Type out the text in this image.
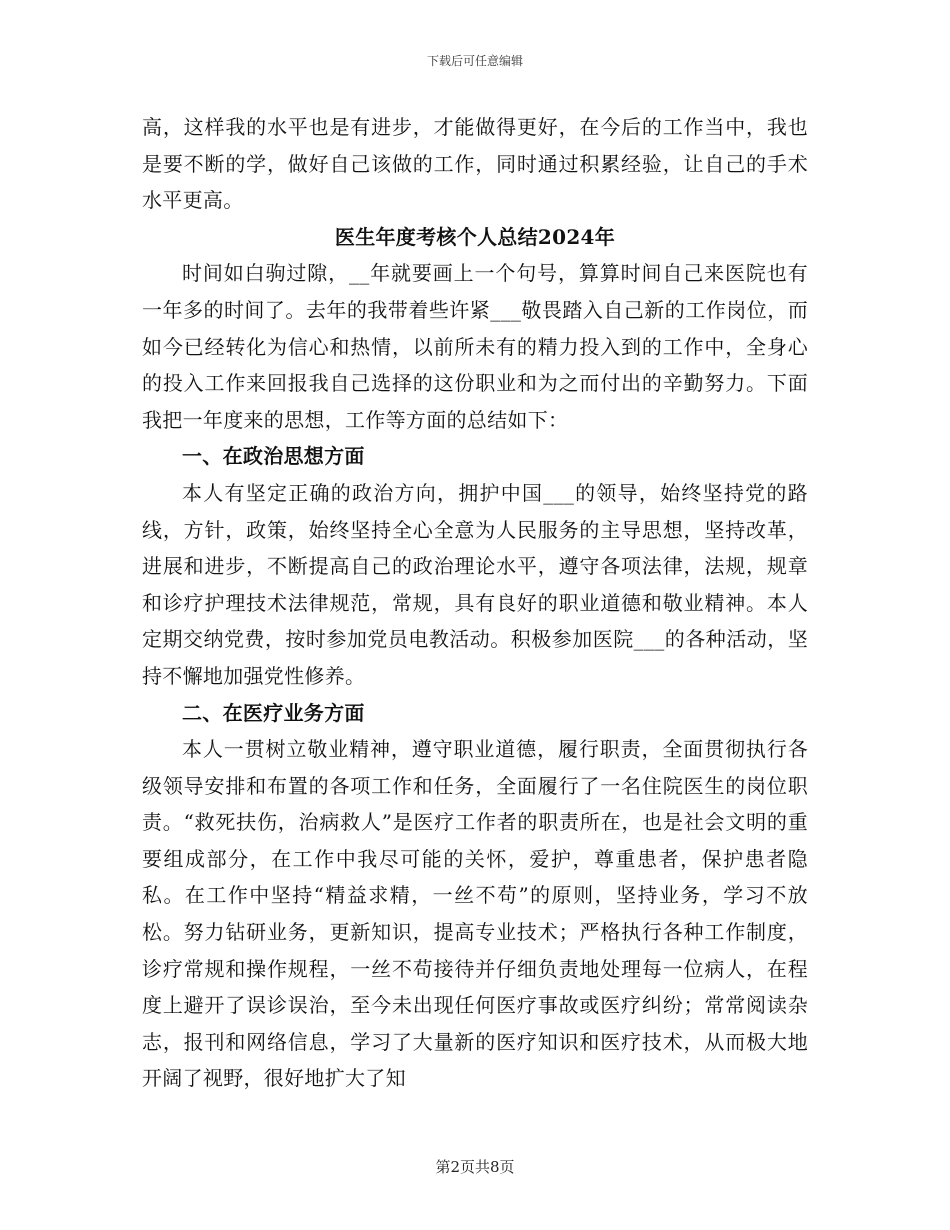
下载后可任意编辑

高，这样我的水平也是有进步，才能做得更好，在今后的工作当中，我也是要不断的学，做好自己该做的工作，同时通过积累经验，让自己的手术水平更高。

医生年度考核个人总结2024年

时间如白驹过隙，__年就要画上一个句号，算算时间自己来医院也有一年多的时间了。去年的我带着些许紧___敬畏踏入自己新的工作岗位，而如今已经转化为信心和热情，以前所未有的精力投入到的工作中，全身心的投入工作来回报我自己选择的这份职业和为之而付出的辛勤努力。下面我把一年度来的思想，工作等方面的总结如下：

一、在政治思想方面

本人有坚定正确的政治方向，拥护中国___的领导，始终坚持党的路线，方针，政策，始终坚持全心全意为人民服务的主导思想，坚持改革，进展和进步，不断提高自己的政治理论水平，遵守各项法律，法规，规章和诊疗护理技术法律规范，常规，具有良好的职业道德和敬业精神。本人定期交纳党费，按时参加党员电教活动。积极参加医院___的各种活动，坚持不懈地加强党性修养。

二、在医疗业务方面

本人一贯树立敬业精神，遵守职业道德，履行职责，全面贯彻执行各级领导安排和布置的各项工作和任务，全面履行了一名住院医生的岗位职责。“救死扶伤，治病救人”是医疗工作者的职责所在，也是社会文明的重要组成部分，在工作中我尽可能的关怀，爱护，尊重患者，保护患者隐私。在工作中坚持“精益求精，一丝不苟”的原则，坚持业务，学习不放松。努力钻研业务，更新知识，提高专业技术；严格执行各种工作制度，诊疗常规和操作规程，一丝不苟接待并仔细负责地处理每一位病人，在程度上避开了误诊误治，至今未出现任何医疗事故或医疗纠纷；常常阅读杂志，报刊和网络信息，学习了大量新的医疗知识和医疗技术，从而极大地开阔了视野，很好地扩大了知

第2页共8页
